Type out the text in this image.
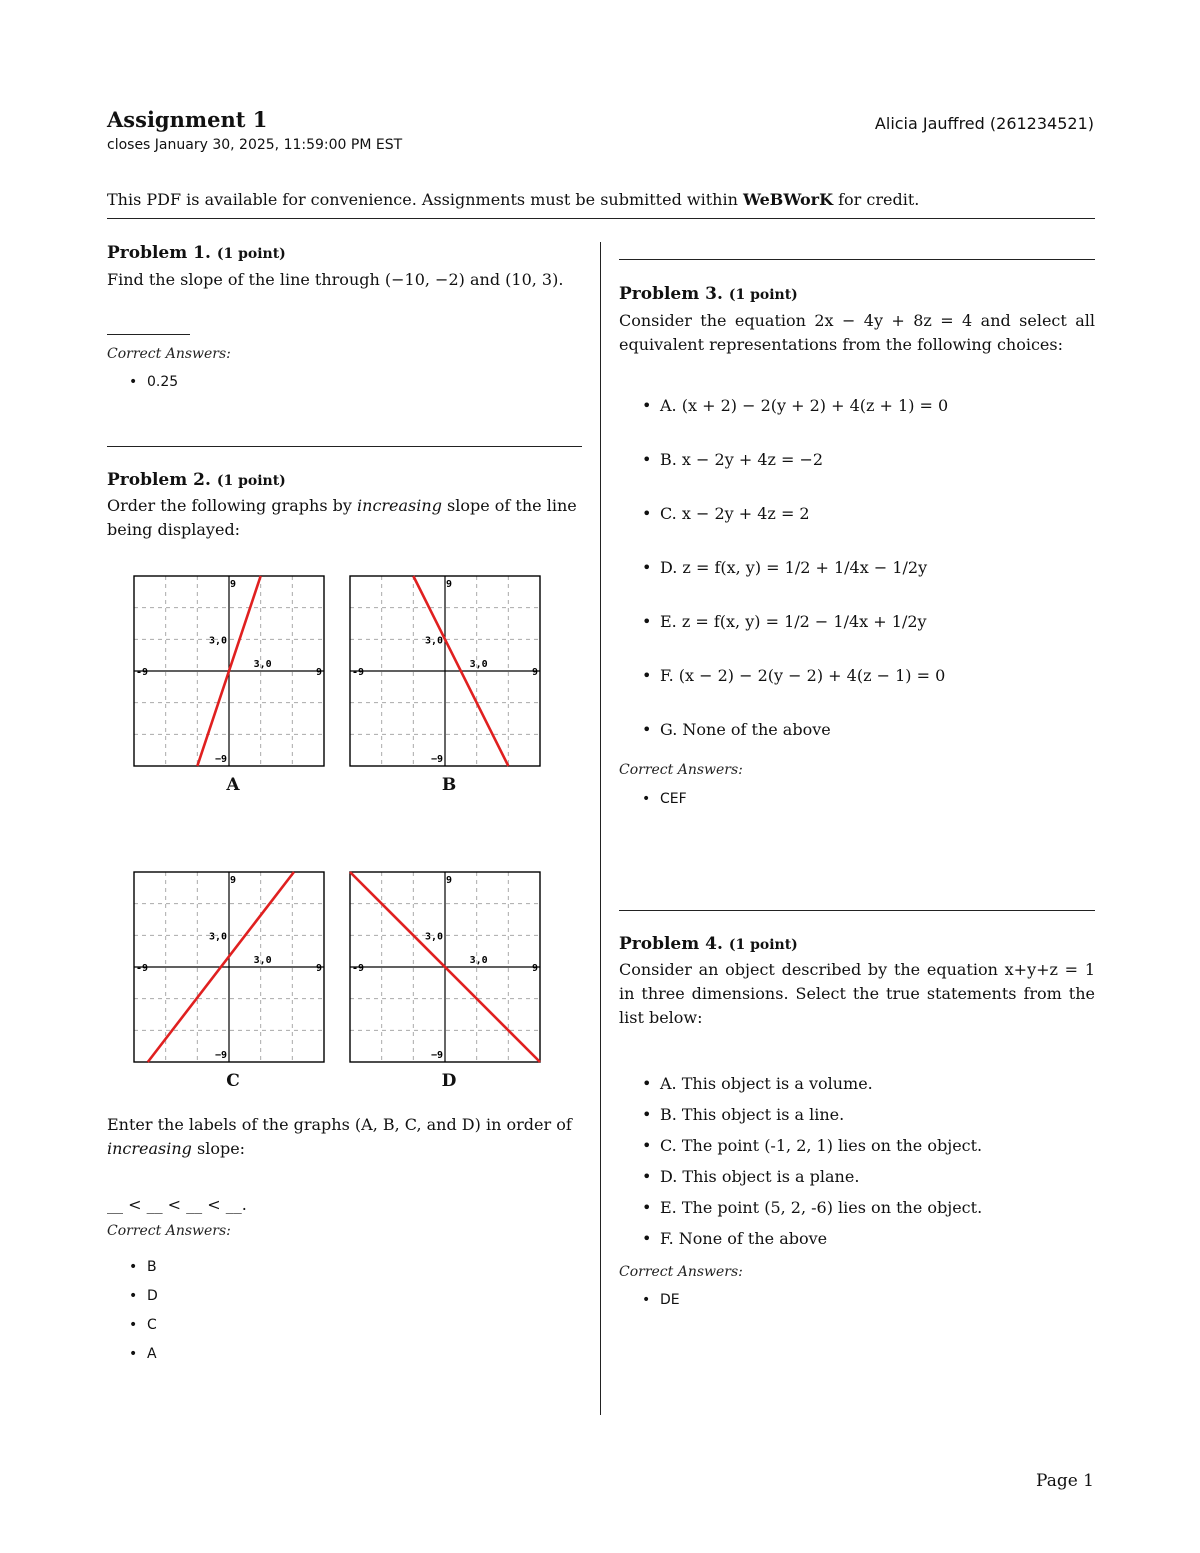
Assignment 1
closes January 30, 2025, 11:59:00 PM EST
Alicia Jauffred (261234521)
This PDF is available for convenience. Assignments must be submitted within WeBWorK for credit.
Problem 1. (1 point)
Find the slope of the line through (−10, −2) and (10, 3).
Correct Answers:
• 0.25
Problem 2. (1 point)
Order the following graphs by increasing slope of the line being displayed:
9
−9
-9	9
3,0
3,0
9
−9
-9	9
3,0
3,0
9
−9
-9	9
3,0
3,0
9
−9
-9	9
3,0
3,0
A	B
C	D
Enter the labels of the graphs (A, B, C, and D) in order of increasing slope:
__ < __ < __ < __.
Correct Answers:
• B
• D
• C
• A
Problem 3. (1 point)
Consider the equation 2x − 4y + 8z = 4 and select all equivalent representations from the following choices:
• A. (x + 2) − 2(y + 2) + 4(z + 1) = 0
• B. x − 2y + 4z = −2
• C. x − 2y + 4z = 2
• D. z = f(x, y) = 1/2 + 1/4x − 1/2y
• E. z = f(x, y) = 1/2 − 1/4x + 1/2y
• F. (x − 2) − 2(y − 2) + 4(z − 1) = 0
• G. None of the above
Correct Answers:
• CEF
Problem 4. (1 point)
Consider an object described by the equation x+y+z = 1 in three dimensions. Select the true statements from the list below:
• A. This object is a volume.
• B. This object is a line.
• C. The point (-1, 2, 1) lies on the object.
• D. This object is a plane.
• E. The point (5, 2, -6) lies on the object.
• F. None of the above
Correct Answers:
• DE
Page 1
